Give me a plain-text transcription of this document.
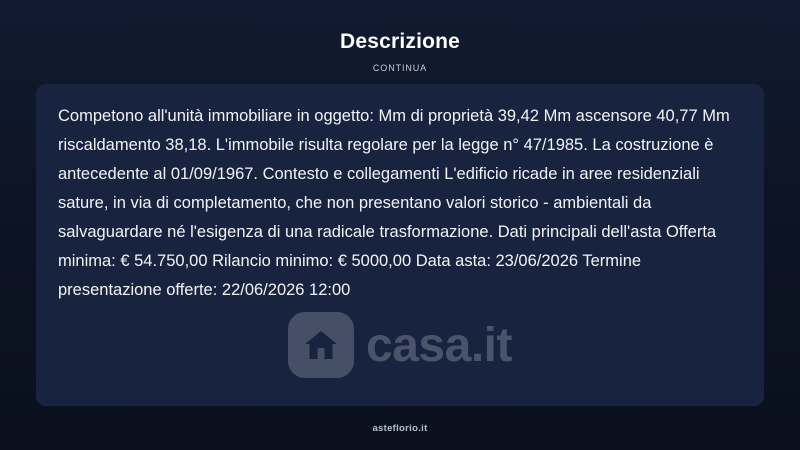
Descrizione
CONTINUA

Competono all'unità immobiliare in oggetto: Mm di proprietà 39,42 Mm ascensore 40,77 Mm riscaldamento 38,18. L'immobile risulta regolare per la legge n° 47/1985. La costruzione è antecedente al 01/09/1967. Contesto e collegamenti L'edificio ricade in aree residenziali sature, in via di completamento, che non presentano valori storico - ambientali da salvaguardare né l'esigenza di una radicale trasformazione. Dati principali dell'asta Offerta minima: € 54.750,00 Rilancio minimo: € 5000,00 Data asta: 23/06/2026 Termine presentazione offerte: 22/06/2026 12:00

casa.it
asteflorio.it
